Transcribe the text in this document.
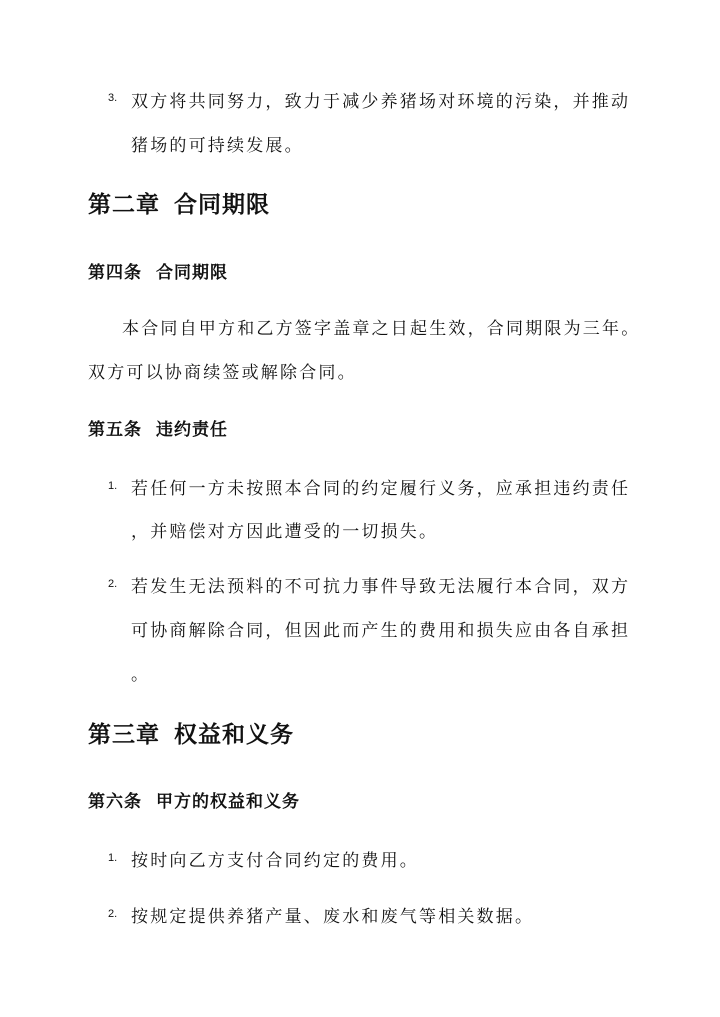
3. 双方将共同努力，致力于减少养猪场对环境的污染，并推动
猪场的可持续发展。
第二章 合同期限
第四条 合同期限
本合同自甲方和乙方签字盖章之日起生效，合同期限为三年。
双方可以协商续签或解除合同。
第五条 违约责任
1. 若任何一方未按照本合同的约定履行义务，应承担违约责任
，并赔偿对方因此遭受的一切损失。
2. 若发生无法预料的不可抗力事件导致无法履行本合同，双方
可协商解除合同，但因此而产生的费用和损失应由各自承担
。
第三章 权益和义务
第六条 甲方的权益和义务
1. 按时向乙方支付合同约定的费用。
2. 按规定提供养猪产量、废水和废气等相关数据。
